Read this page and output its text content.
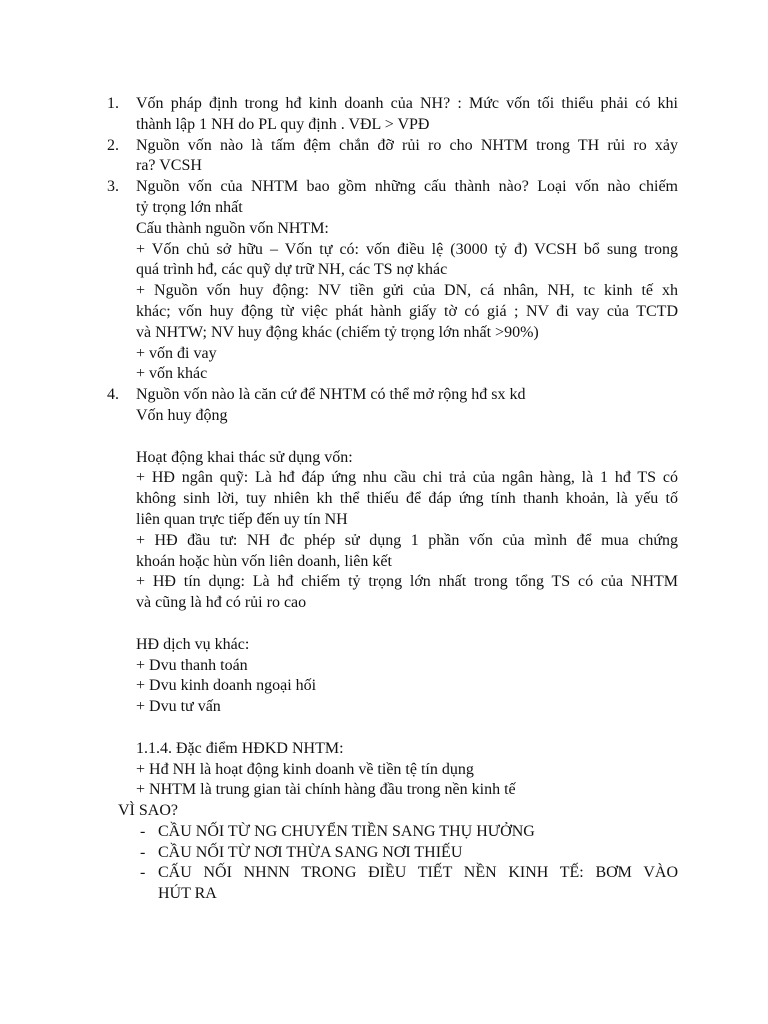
1. Vốn pháp định trong hđ kinh doanh của NH? : Mức vốn tối thiểu phải có khi
thành lập 1 NH do PL quy định . VĐL > VPĐ
2. Nguồn vốn nào là tấm đệm chắn đỡ rủi ro cho NHTM trong TH rủi ro xảy
ra? VCSH
3. Nguồn vốn của NHTM bao gồm những cấu thành nào? Loại vốn nào chiếm
tỷ trọng lớn nhất
Cấu thành nguồn vốn NHTM:
+ Vốn chủ sở hữu – Vốn tự có: vốn điều lệ (3000 tỷ đ) VCSH bổ sung trong
quá trình hđ, các quỹ dự trữ NH, các TS nợ khác
+ Nguồn vốn huy động: NV tiền gửi của DN, cá nhân, NH, tc kinh tế xh
khác; vốn huy động từ việc phát hành giấy tờ có giá ; NV đi vay của TCTD
và NHTW; NV huy động khác (chiếm tỷ trọng lớn nhất >90%)
+ vốn đi vay
+ vốn khác
4. Nguồn vốn nào là căn cứ để NHTM có thể mở rộng hđ sx kd
Vốn huy động
Hoạt động khai thác sử dụng vốn:
+ HĐ ngân quỹ: Là hđ đáp ứng nhu cầu chi trả của ngân hàng, là 1 hđ TS có
không sinh lời, tuy nhiên kh thể thiếu để đáp ứng tính thanh khoản, là yếu tố
liên quan trực tiếp đến uy tín NH
+ HĐ đầu tư: NH đc phép sử dụng 1 phần vốn của mình để mua chứng
khoán hoặc hùn vốn liên doanh, liên kết
+ HĐ tín dụng: Là hđ chiếm tỷ trọng lớn nhất trong tổng TS có của NHTM
và cũng là hđ có rủi ro cao
HĐ dịch vụ khác:
+ Dvu thanh toán
+ Dvu kinh doanh ngoại hối
+ Dvu tư vấn
1.1.4. Đặc điểm HĐKD NHTM:
+ Hđ NH là hoạt động kinh doanh về tiền tệ tín dụng
+ NHTM là trung gian tài chính hàng đầu trong nền kinh tế
VÌ SAO?
- CẦU NỐI TỪ NG CHUYỂN TIỀN SANG THỤ HƯỞNG
- CẦU NỐI TỪ NƠI THỪA SANG NƠI THIẾU
- CẤU NỐI NHNN TRONG ĐIỀU TIẾT NỀN KINH TẾ: BƠM VÀO
HÚT RA
